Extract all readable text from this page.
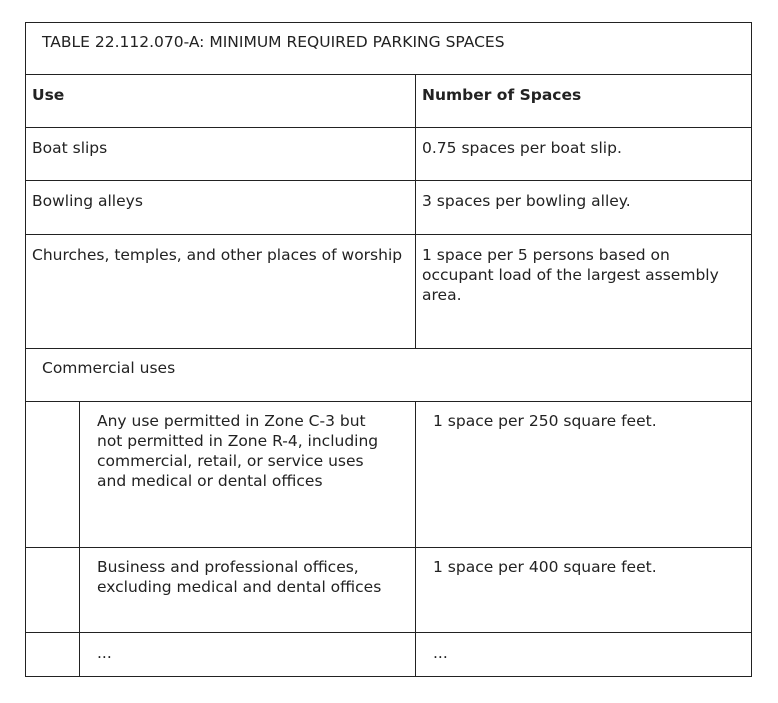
TABLE 22.112.070-A: MINIMUM REQUIRED PARKING SPACES		

Use		Number of Spaces

Boat slips		0.75 spaces per boat slip.

Bowling alleys		3 spaces per bowling alley.

Churches, temples, and other places of worship		1 space per 5 persons based on occupant load of the largest assembly area.

Commercial uses		

	Any use permitted in Zone C-3 but not permitted in Zone R-4, including commercial, retail, or service uses and medical or dental offices	1 space per 250 square feet.

	Business and professional offices, excluding medical and dental offices	1 space per 400 square feet.

	...	...
